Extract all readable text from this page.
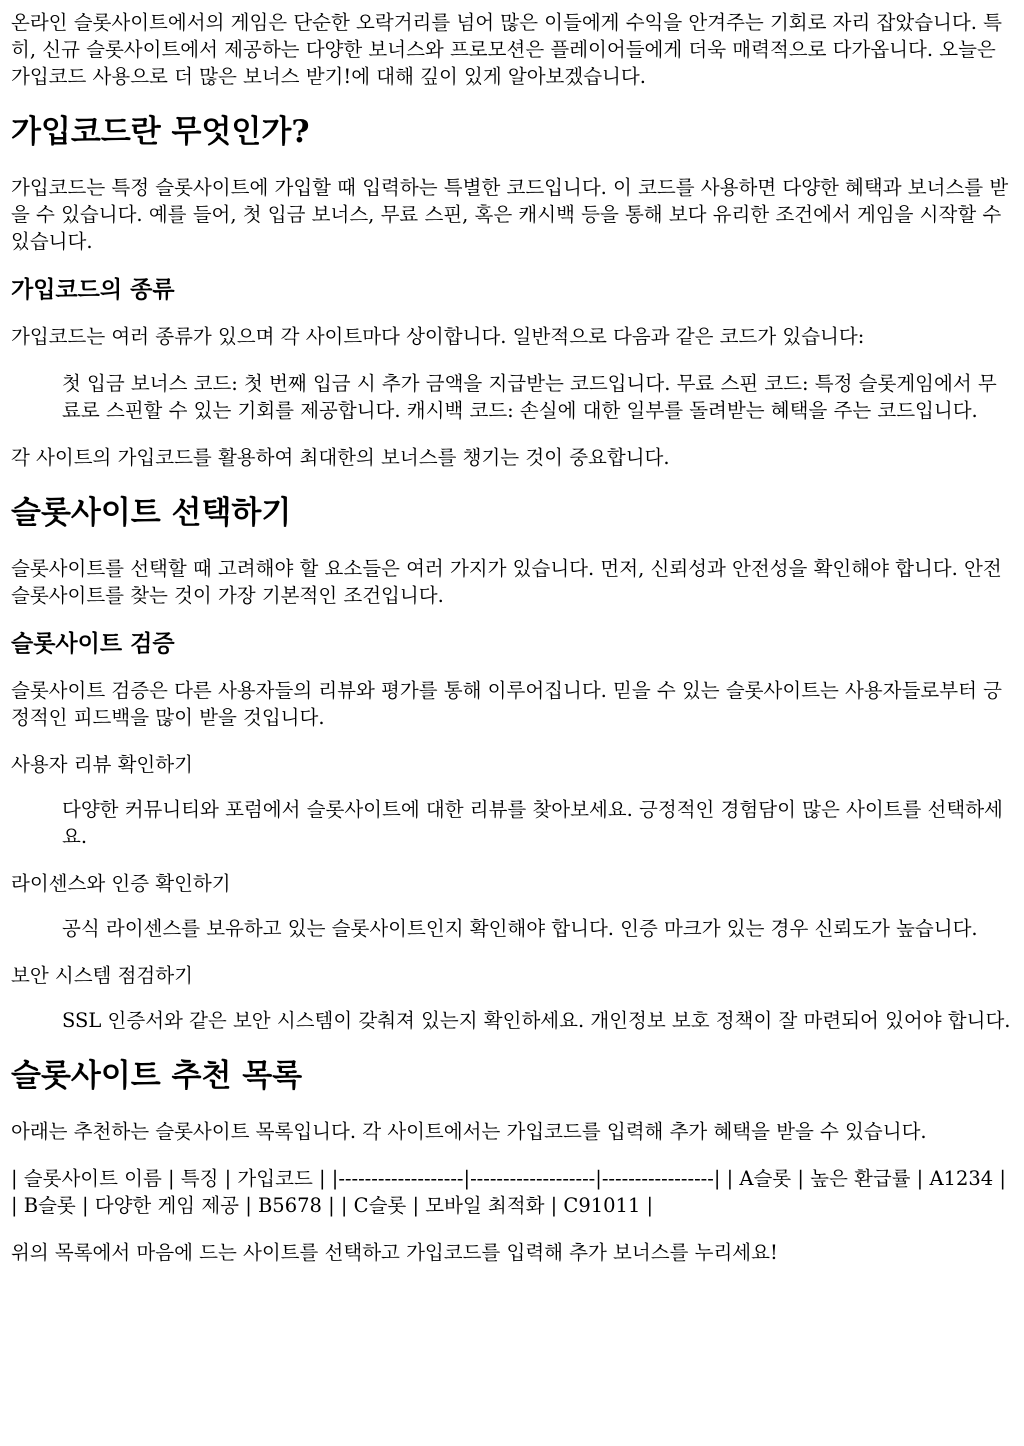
온라인 슬롯사이트에서의 게임은 단순한 오락거리를 넘어 많은 이들에게 수익을 안겨주는 기회로 자리 잡았습니다. 특히, 신규 슬롯사이트에서 제공하는 다양한 보너스와 프로모션은 플레이어들에게 더욱 매력적으로 다가옵니다. 오늘은 가입코드 사용으로 더 많은 보너스 받기!에 대해 깊이 있게 알아보겠습니다.

가입코드란 무엇인가?

가입코드는 특정 슬롯사이트에 가입할 때 입력하는 특별한 코드입니다. 이 코드를 사용하면 다양한 혜택과 보너스를 받을 수 있습니다. 예를 들어, 첫 입금 보너스, 무료 스핀, 혹은 캐시백 등을 통해 보다 유리한 조건에서 게임을 시작할 수 있습니다.

가입코드의 종류

가입코드는 여러 종류가 있으며 각 사이트마다 상이합니다. 일반적으로 다음과 같은 코드가 있습니다:

첫 입금 보너스 코드: 첫 번째 입금 시 추가 금액을 지급받는 코드입니다. 무료 스핀 코드: 특정 슬롯게임에서 무료로 스핀할 수 있는 기회를 제공합니다. 캐시백 코드: 손실에 대한 일부를 돌려받는 혜택을 주는 코드입니다.

각 사이트의 가입코드를 활용하여 최대한의 보너스를 챙기는 것이 중요합니다.

슬롯사이트 선택하기

슬롯사이트를 선택할 때 고려해야 할 요소들은 여러 가지가 있습니다. 먼저, 신뢰성과 안전성을 확인해야 합니다. 안전 슬롯사이트를 찾는 것이 가장 기본적인 조건입니다.

슬롯사이트 검증

슬롯사이트 검증은 다른 사용자들의 리뷰와 평가를 통해 이루어집니다. 믿을 수 있는 슬롯사이트는 사용자들로부터 긍정적인 피드백을 많이 받을 것입니다.

사용자 리뷰 확인하기

다양한 커뮤니티와 포럼에서 슬롯사이트에 대한 리뷰를 찾아보세요. 긍정적인 경험담이 많은 사이트를 선택하세요.

라이센스와 인증 확인하기

공식 라이센스를 보유하고 있는 슬롯사이트인지 확인해야 합니다. 인증 마크가 있는 경우 신뢰도가 높습니다.

보안 시스템 점검하기

SSL 인증서와 같은 보안 시스템이 갖춰져 있는지 확인하세요. 개인정보 보호 정책이 잘 마련되어 있어야 합니다.
슬롯사이트 추천 목록

아래는 추천하는 슬롯사이트 목록입니다. 각 사이트에서는 가입코드를 입력해 추가 혜택을 받을 수 있습니다.

| 슬롯사이트 이름 | 특징 | 가입코드 | |-------------------|-------------------|-----------------| | A슬롯 | 높은 환급률 | A1234 | | B슬롯 | 다양한 게임 제공 | B5678 | | C슬롯 | 모바일 최적화 | C91011 |

위의 목록에서 마음에 드는 사이트를 선택하고 가입코드를 입력해 추가 보너스를 누리세요!
